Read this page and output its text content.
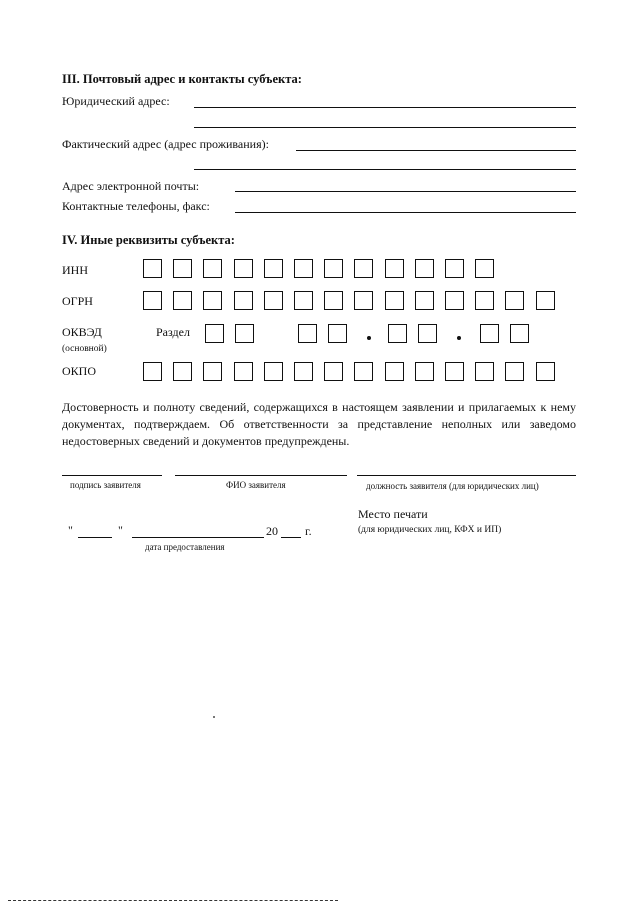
III. Почтовый адрес и контакты субъекта:
Юридический адрес:
Фактический адрес (адрес проживания):
Адрес электронной почты:
Контактные телефоны, факс:
IV. Иные реквизиты субъекта:
ИНН
ОГРН
ОКВЭД
(основной)
Раздел
ОКПО
Достоверность и полноту сведений, содержащихся в настоящем заявлении и прилагаемых к нему документах, подтверждаем. Об ответственности за представление неполных или заведомо недостоверных сведений и документов предупреждены.
подпись заявителя	ФИО заявителя	должность заявителя (для юридических лиц)
"	"	20 г.
дата предоставления
Место печати
(для юридических лиц, КФХ и ИП)
